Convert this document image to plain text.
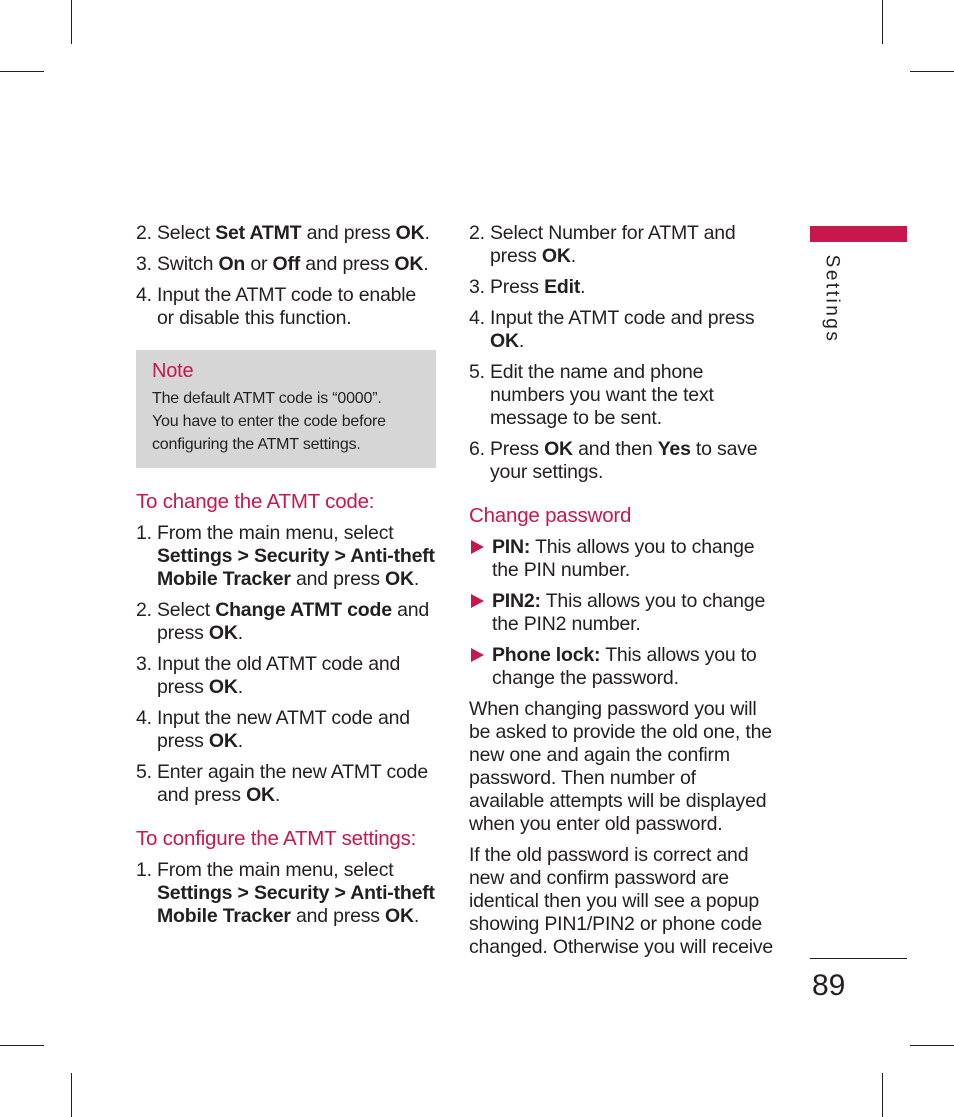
2. Select Set ATMT and press OK.
3. Switch On or Off and press OK.
4. Input the ATMT code to enable or disable this function.
Note
The default ATMT code is “0000”.
You have to enter the code before
configuring the ATMT settings.
To change the ATMT code:
1. From the main menu, select Settings > Security > Anti-theft Mobile Tracker and press OK.
2. Select Change ATMT code and press OK.
3. Input the old ATMT code and press OK.
4. Input the new ATMT code and press OK.
5. Enter again the new ATMT code and press OK.
To configure the ATMT settings:
1. From the main menu, select Settings > Security > Anti-theft Mobile Tracker and press OK.
2. Select Number for ATMT and press OK.
3. Press Edit.
4. Input the ATMT code and press OK.
5. Edit the name and phone numbers you want the text message to be sent.
6. Press OK and then Yes to save your settings.
Change password
PIN: This allows you to change the PIN number.
PIN2: This allows you to change the PIN2 number.
Phone lock: This allows you to change the password.
When changing password you will be asked to provide the old one, the new one and again the confirm password. Then number of available attempts will be displayed when you enter old password.
If the old password is correct and new and confirm password are identical then you will see a popup showing PIN1/PIN2 or phone code changed. Otherwise you will receive
Settings
89
